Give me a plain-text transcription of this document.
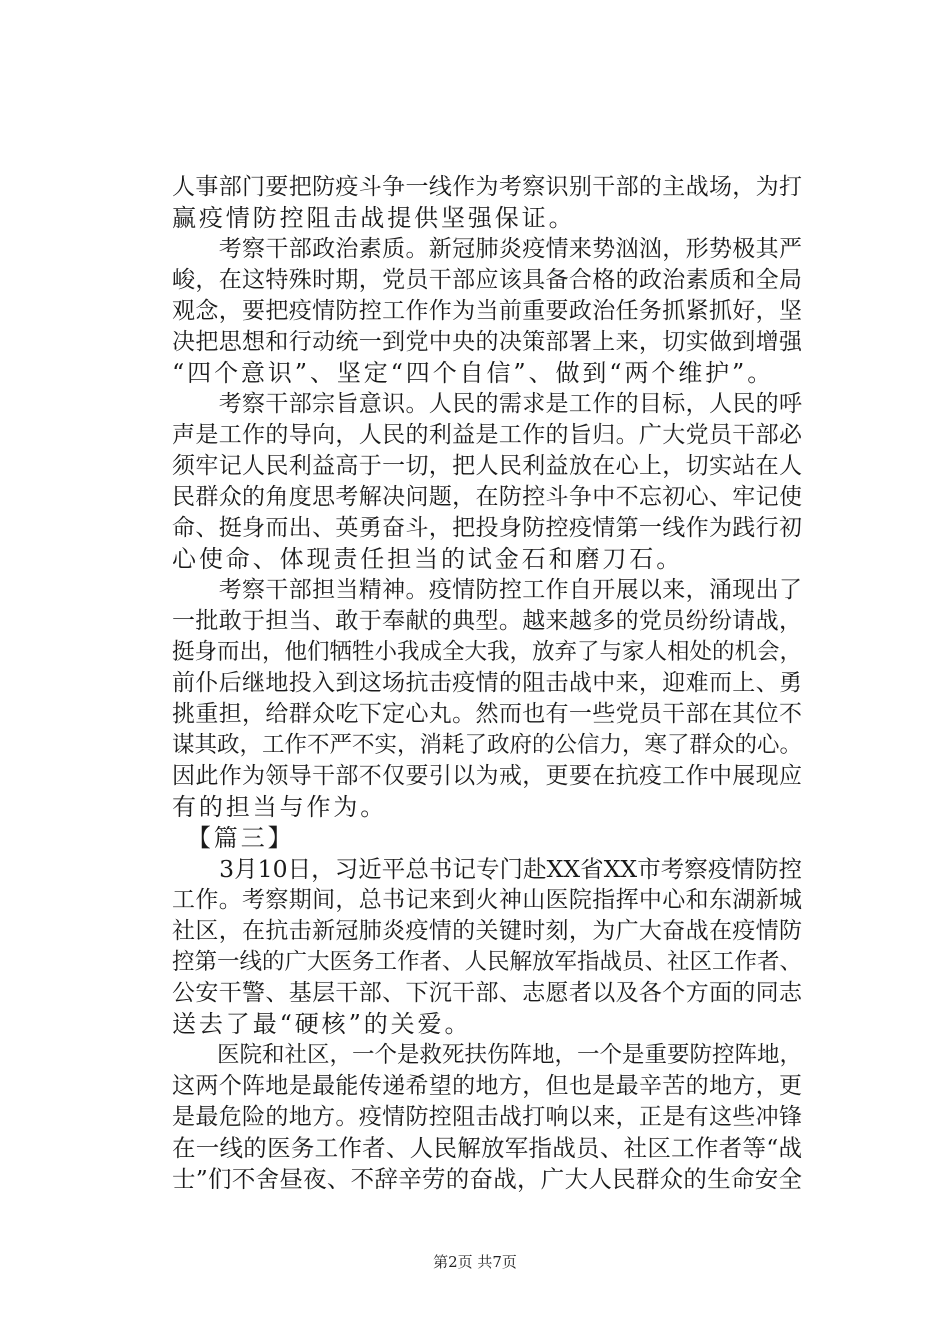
人事部门要把防疫斗争一线作为考察识别干部的主战场，为打
赢疫情防控阻击战提供坚强保证。
　　考察干部政治素质。新冠肺炎疫情来势汹汹，形势极其严
峻，在这特殊时期，党员干部应该具备合格的政治素质和全局
观念，要把疫情防控工作作为当前重要政治任务抓紧抓好，坚
决把思想和行动统一到党中央的决策部署上来，切实做到增强
“四个意识”、坚定“四个自信”、做到“两个维护”。
　　考察干部宗旨意识。人民的需求是工作的目标，人民的呼
声是工作的导向，人民的利益是工作的旨归。广大党员干部必
须牢记人民利益高于一切，把人民利益放在心上，切实站在人
民群众的角度思考解决问题，在防控斗争中不忘初心、牢记使
命、挺身而出、英勇奋斗，把投身防控疫情第一线作为践行初
心使命、体现责任担当的试金石和磨刀石。
　　考察干部担当精神。疫情防控工作自开展以来，涌现出了
一批敢于担当、敢于奉献的典型。越来越多的党员纷纷请战，
挺身而出，他们牺牲小我成全大我，放弃了与家人相处的机会，
前仆后继地投入到这场抗击疫情的阻击战中来，迎难而上、勇
挑重担，给群众吃下定心丸。然而也有一些党员干部在其位不
谋其政，工作不严不实，消耗了政府的公信力，寒了群众的心。
因此作为领导干部不仅要引以为戒，更要在抗疫工作中展现应
有的担当与作为。
　【篇三】
　　3月10日，习近平总书记专门赴XX省XX市考察疫情防控
工作。考察期间，总书记来到火神山医院指挥中心和东湖新城
社区，在抗击新冠肺炎疫情的关键时刻，为广大奋战在疫情防
控第一线的广大医务工作者、人民解放军指战员、社区工作者、
公安干警、基层干部、下沉干部、志愿者以及各个方面的同志
送去了最“硬核”的关爱。
　　医院和社区，一个是救死扶伤阵地，一个是重要防控阵地，
这两个阵地是最能传递希望的地方，但也是最辛苦的地方，更
是最危险的地方。疫情防控阻击战打响以来，正是有这些冲锋
在一线的医务工作者、人民解放军指战员、社区工作者等“战
士”们不舍昼夜、不辞辛劳的奋战，广大人民群众的生命安全
第2页 共7页
